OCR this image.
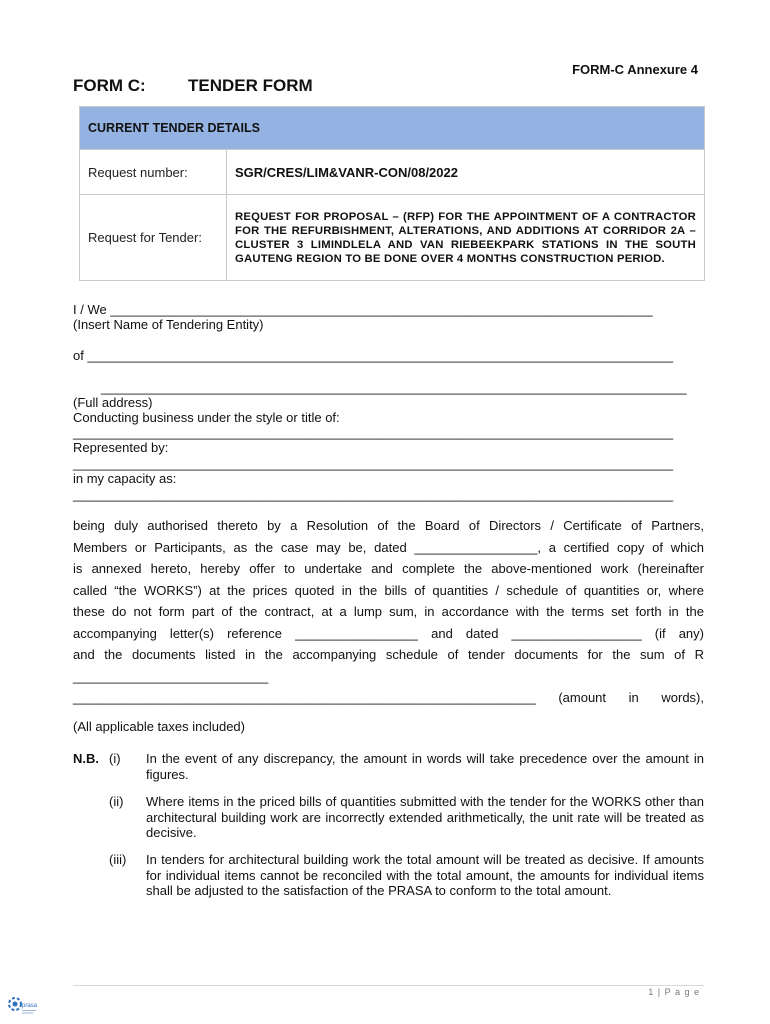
FORM-C Annexure 4
FORM C: TENDER FORM
CURRENT TENDER DETAILS	
Request number:	SGR/CRES/LIM&VANR-CON/08/2022
Request for Tender:	REQUEST FOR PROPOSAL – (RFP) FOR THE APPOINTMENT OF A CONTRACTOR FOR THE REFURBISHMENT, ALTERATIONS, AND ADDITIONS AT CORRIDOR 2A – CLUSTER 3 LIMINDLELA AND VAN RIEBEEKPARK STATIONS IN THE SOUTH GAUTENG REGION TO BE DONE OVER 4 MONTHS CONSTRUCTION PERIOD.
I / We ___________________________________________________________________________
(Insert Name of Tendering Entity)
of _________________________________________________________________________________
_________________________________________________________________________________
(Full address)
Conducting business under the style or title of:
___________________________________________________________________________________
Represented by:
___________________________________________________________________________________
in my capacity as:
___________________________________________________________________________________
being duly authorised thereto by a Resolution of the Board of Directors / Certificate of Partners,
Members or Participants, as the case may be, dated _________________, a certified copy of which
is annexed hereto, hereby offer to undertake and complete the above-mentioned work (hereinafter
called “the WORKS”) at the prices quoted in the bills of quantities / schedule of quantities or, where
these do not form part of the contract, at a lump sum, in accordance with the terms set forth in the
accompanying letter(s) reference _________________ and dated __________________ (if any)
and the documents listed in the accompanying schedule of tender documents for the sum of R
___________________________
________________________________________________________________ (amount in words),
(All applicable taxes included)
N.B. (i) In the event of any discrepancy, the amount in words will take precedence over the amount in figures.
(ii) Where items in the priced bills of quantities submitted with the tender for the WORKS other than architectural building work are incorrectly extended arithmetically, the unit rate will be treated as decisive.
(iii) In tenders for architectural building work the total amount will be treated as decisive. If amounts for individual items cannot be reconciled with the total amount, the amounts for individual items shall be adjusted to the satisfaction of the PRASA to conform to the total amount.
1 | P a g e
prasa
